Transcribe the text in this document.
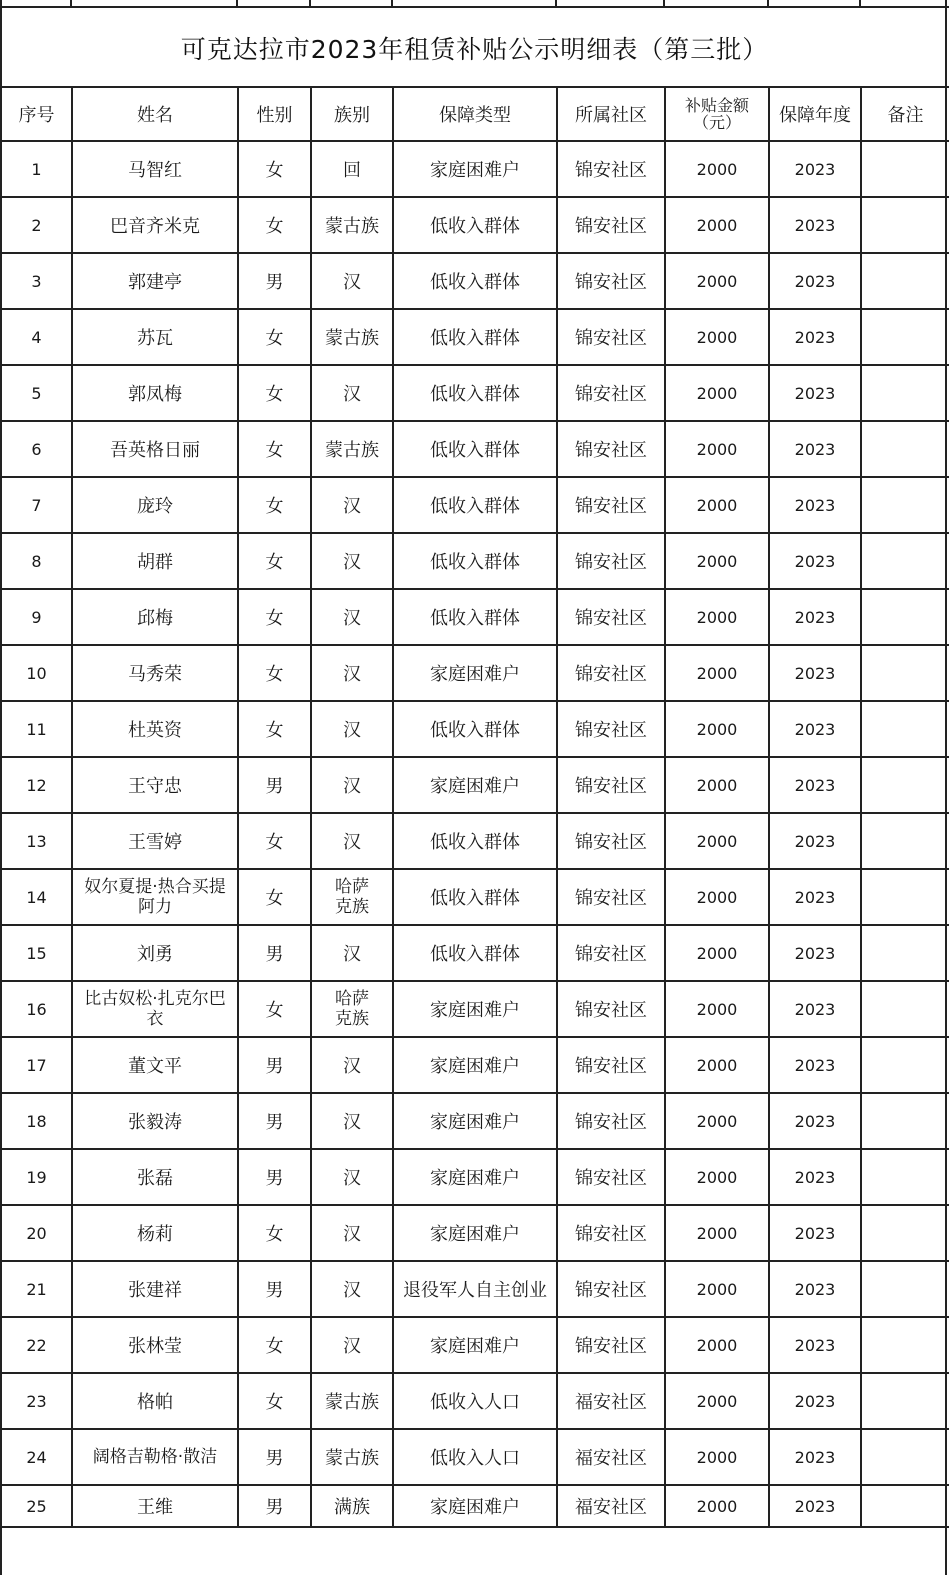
可克达拉市2023年租赁补贴公示明细表（第三批）
序号	姓名	性别	族别	保障类型	所属社区	补贴金额（元）	保障年度	备注
1	马智红	女	回	家庭困难户	锦安社区	2000	2023	
2	巴音齐米克	女	蒙古族	低收入群体	锦安社区	2000	2023	
3	郭建亭	男	汉	低收入群体	锦安社区	2000	2023	
4	苏瓦	女	蒙古族	低收入群体	锦安社区	2000	2023	
5	郭凤梅	女	汉	低收入群体	锦安社区	2000	2023	
6	吾英格日丽	女	蒙古族	低收入群体	锦安社区	2000	2023	
7	庞玲	女	汉	低收入群体	锦安社区	2000	2023	
8	胡群	女	汉	低收入群体	锦安社区	2000	2023	
9	邱梅	女	汉	低收入群体	锦安社区	2000	2023	
10	马秀荣	女	汉	家庭困难户	锦安社区	2000	2023	
11	杜英资	女	汉	低收入群体	锦安社区	2000	2023	
12	王守忠	男	汉	家庭困难户	锦安社区	2000	2023	
13	王雪婷	女	汉	低收入群体	锦安社区	2000	2023	
14	奴尔夏提·热合买提阿力	女	哈萨克族	低收入群体	锦安社区	2000	2023	
15	刘勇	男	汉	低收入群体	锦安社区	2000	2023	
16	比古奴松·扎克尔巴衣	女	哈萨克族	家庭困难户	锦安社区	2000	2023	
17	董文平	男	汉	家庭困难户	锦安社区	2000	2023	
18	张毅涛	男	汉	家庭困难户	锦安社区	2000	2023	
19	张磊	男	汉	家庭困难户	锦安社区	2000	2023	
20	杨莉	女	汉	家庭困难户	锦安社区	2000	2023	
21	张建祥	男	汉	退役军人自主创业	锦安社区	2000	2023	
22	张林莹	女	汉	家庭困难户	锦安社区	2000	2023	
23	格帕	女	蒙古族	低收入人口	福安社区	2000	2023	
24	阔格吉勒格·散洁	男	蒙古族	低收入人口	福安社区	2000	2023	
25	王维	男	满族	家庭困难户	福安社区	2000	2023	
